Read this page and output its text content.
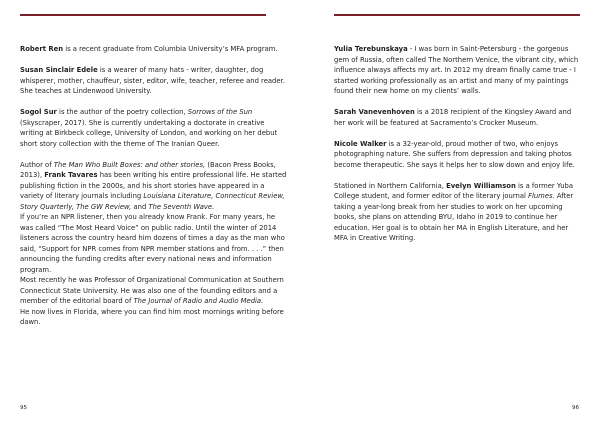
Robert Ren is a recent graduate from Columbia University’s MFA program.

Susan Sinclair Edele is a wearer of many hats - writer, daughter, dog whisperer, mother, chauffeur, sister, editor, wife, teacher, referee and reader. She teaches at Lindenwood University.

Sogol Sur is the author of the poetry collection, Sorrows of the Sun (Skyscraper, 2017). She is currently undertaking a doctorate in creative writing at Birkbeck college, University of London, and working on her debut short story collection with the theme of The Iranian Queer.

Author of The Man Who Built Boxes: and other stories, (Bacon Press Books, 2013), Frank Tavares has been writing his entire professional life. He started publishing fiction in the 2000s, and his short stories have appeared in a variety of literary journals including Louisiana Literature, Connecticut Review, Story Quarterly, The GW Review, and The Seventh Wave.

If you’re an NPR listener, then you already know Frank. For many years, he was called “The Most Heard Voice” on public radio. Until the winter of 2014 listeners across the country heard him dozens of times a day as the man who said, “Support for NPR comes from NPR member stations and from. . . .” then announcing the funding credits after every national news and information program.

Most recently he was Professor of Organizational Communication at Southern Connecticut State University. He was also one of the founding editors and a member of the editorial board of The Journal of Radio and Audio Media.

He now lives in Florida, where you can find him most mornings writing before dawn.

Yulia Terebunskaya - I was born in Saint-Petersburg - the gorgeous gem of Russia, often called The Northern Venice, the vibrant city, which influence always affects my art. In 2012 my dream finally came true - I started working professionally as an artist and many of my paintings found their new home on my clients’ walls.

Sarah Vanevenhoven is a 2018 recipient of the Kingsley Award and her work will be featured at Sacramento’s Crocker Museum.

Nicole Walker is a 32-year-old, proud mother of two, who enjoys photographing nature. She suffers from depression and taking photos become therapeutic. She says it helps her to slow down and enjoy life.

Stationed in Northern California, Evelyn Williamson is a former Yuba College student, and former editor of the literary journal Flumes. After taking a year-long break from her studies to work on her upcoming books, she plans on attending BYU, Idaho in 2019 to continue her education. Her goal is to obtain her MA in English Literature, and her MFA in Creative Writing.

95	96
